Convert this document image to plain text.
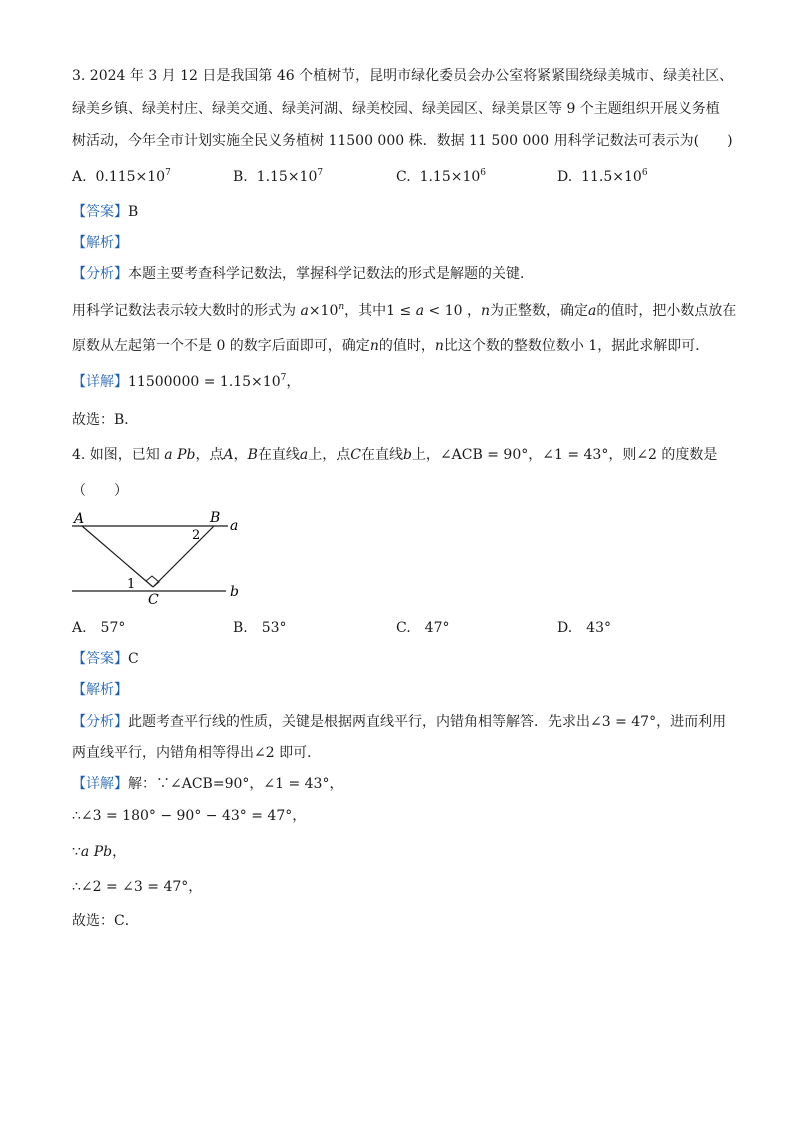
3. 2024 年 3 月 12 日是我国第 46 个植树节，昆明市绿化委员会办公室将紧紧围绕绿美城市、绿美社区、
绿美乡镇、绿美村庄、绿美交通、绿美河湖、绿美校园、绿美园区、绿美景区等 9 个主题组织开展义务植
树活动，今年全市计划实施全民义务植树 11500 000 株．数据 11 500 000 用科学记数法可表示为(　　)
A. $0.115\times 10^7$	B. $1.15\times 10^7$	C. $1.15\times 10^6$	D. $11.5\times 10^6$
【答案】B
【解析】
【分析】本题主要考查科学记数法，掌握科学记数法的形式是解题的关键．
用科学记数法表示较大数时的形式为 $a\times 10^n$，其中1 ≤ a < 10 ，n为正整数，确定a的值时，把小数点放在
原数从左起第一个不是 0 的数字后面即可，确定n的值时，n比这个数的整数位数小 1，据此求解即可．
【详解】$11500000 = 1.15\times 10^7$，
故选：B．
4. 如图，已知 a Pb，点A，B在直线a上，点C在直线b上，∠ACB = 90°，∠1 = 43°，则∠2 的度数是
（　　）
A	B
C
1
2
a
b
A.　57°	B.　53°	C.　47°	D.　43°
【答案】C
【解析】
【分析】此题考查平行线的性质，关键是根据两直线平行，内错角相等解答．先求出∠3 = 47°，进而利用
两直线平行，内错角相等得出∠2 即可．
【详解】解：∵∠ACB=90°，∠1 = 43°，
∴∠3 = 180° − 90° − 43° = 47°，
∵a Pb，
∴∠2 = ∠3 = 47°，
故选：C．
